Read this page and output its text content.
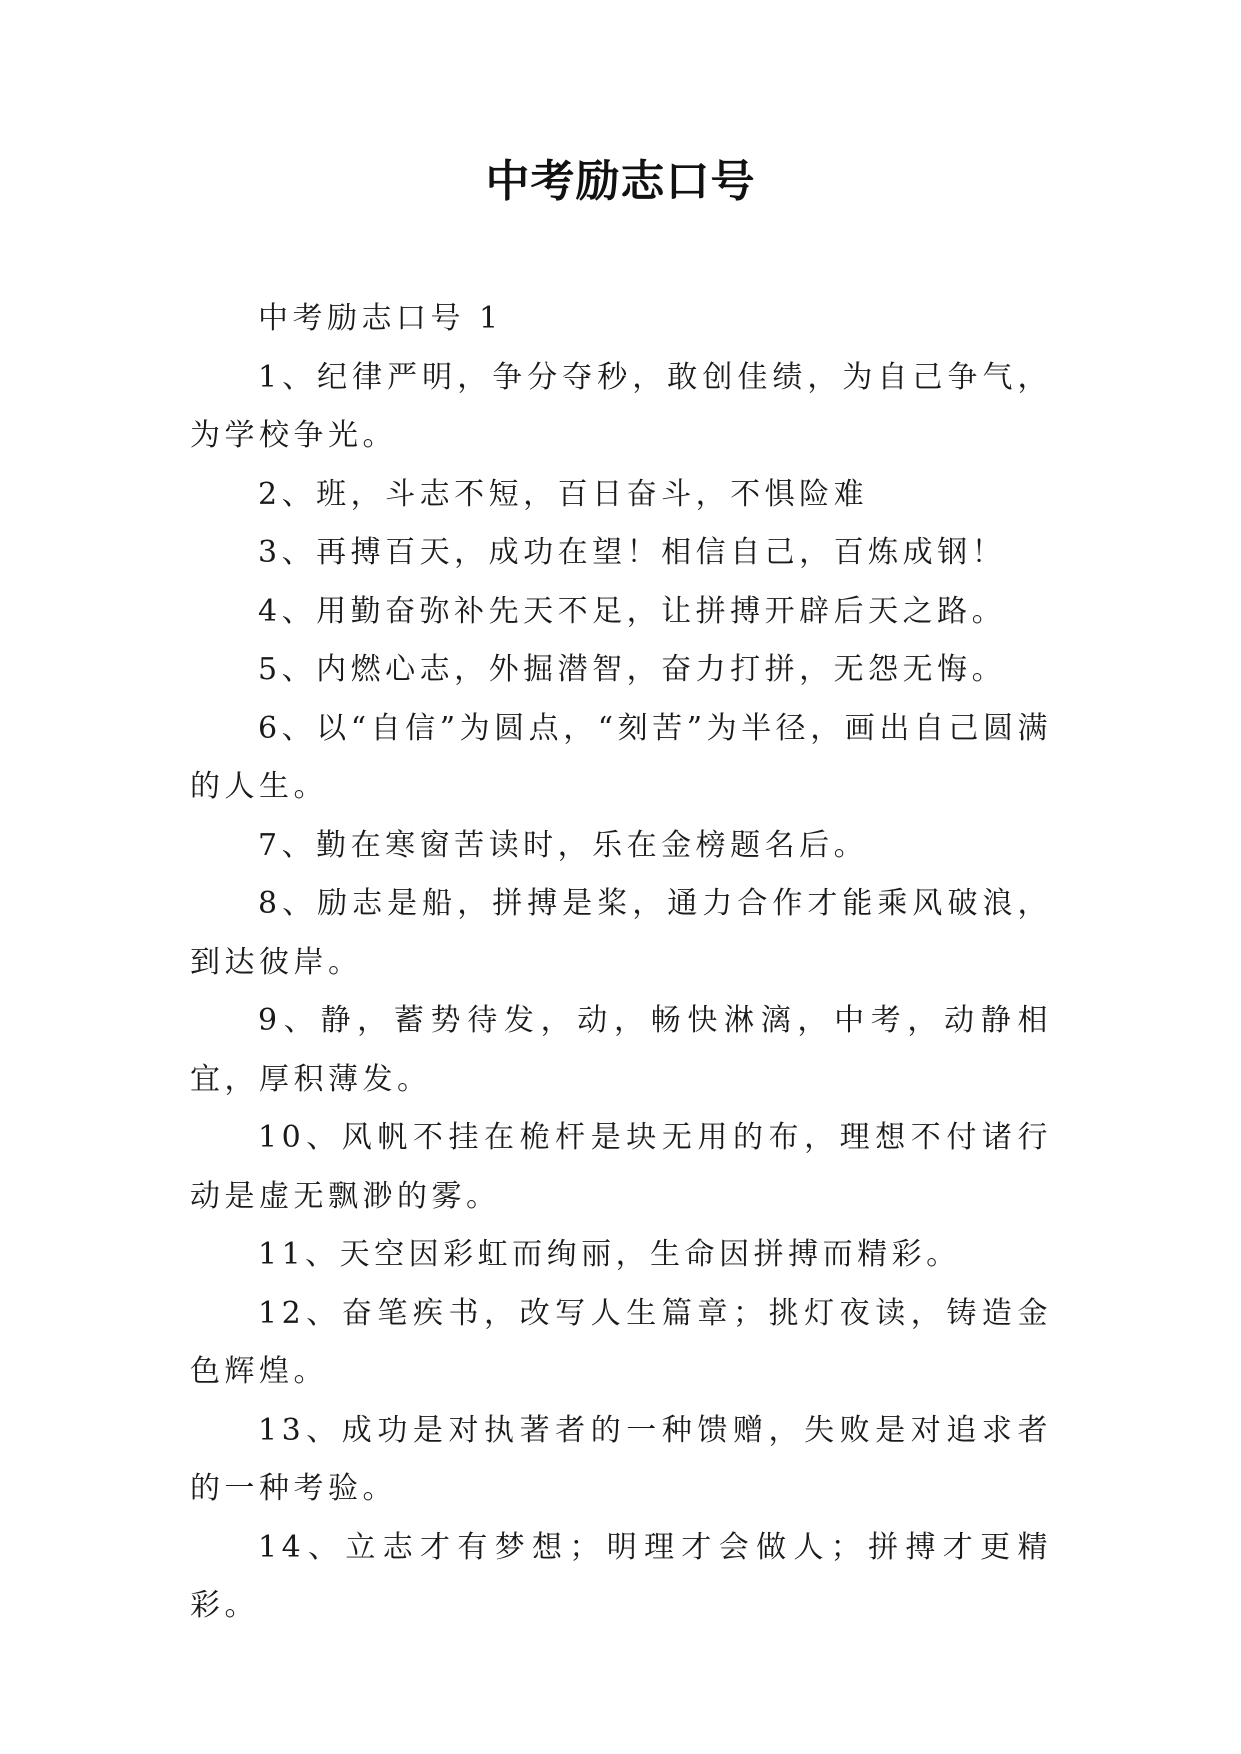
中考励志口号

中考励志口号 1

1、纪律严明，争分夺秒，敢创佳绩，为自己争气，为学校争光。

2、班，斗志不短，百日奋斗，不惧险难

3、再搏百天，成功在望！相信自己，百炼成钢！

4、用勤奋弥补先天不足，让拼搏开辟后天之路。

5、内燃心志，外掘潜智，奋力打拼，无怨无悔。

6、以“自信”为圆点，“刻苦”为半径，画出自己圆满的人生。

7、勤在寒窗苦读时，乐在金榜题名后。

8、励志是船，拼搏是桨，通力合作才能乘风破浪，到达彼岸。

9、静，蓄势待发，动，畅快淋漓，中考，动静相宜，厚积薄发。

10、风帆不挂在桅杆是块无用的布，理想不付诸行动是虚无飘渺的雾。

11、天空因彩虹而绚丽，生命因拼搏而精彩。

12、奋笔疾书，改写人生篇章；挑灯夜读，铸造金色辉煌。

13、成功是对执著者的一种馈赠，失败是对追求者的一种考验。

14、立志才有梦想；明理才会做人；拼搏才更精彩。
